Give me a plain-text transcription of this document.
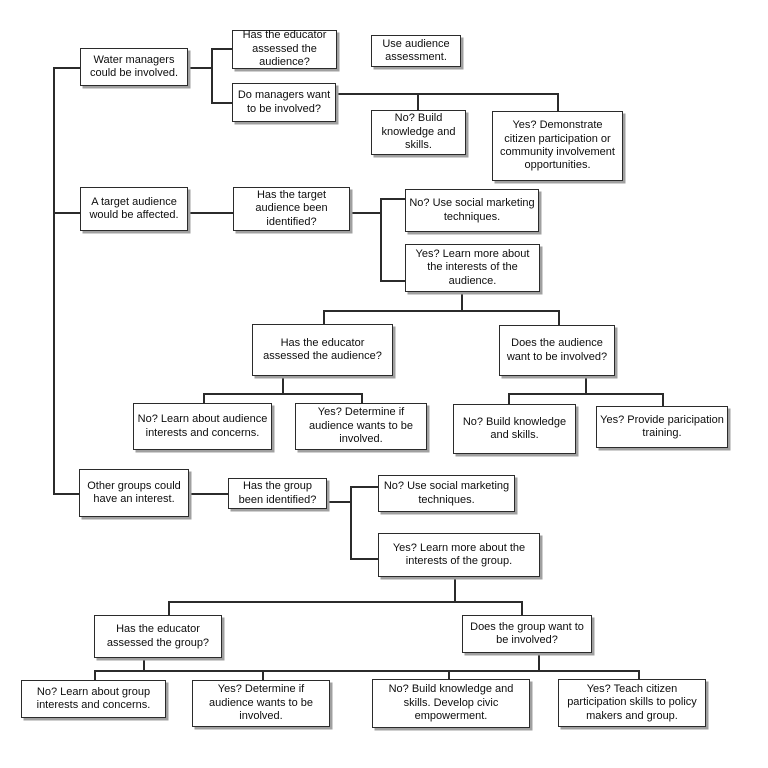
Water managers could be involved.
Has the educator assessed the audience?
Use audience assessment.
Do managers want to be involved?
No? Build knowledge and skills.
Yes? Demonstrate citizen participation or community involvement opportunities.
A target audience would be affected.
Has the target audience been identified?
No? Use social marketing techniques.
Yes? Learn more about the interests of the audience.
Has the educator assessed the audience?
Does the audience want to be involved?
No? Learn about audience interests and concerns.
Yes? Determine if audience wants to be involved.
No? Build knowledge and skills.
Yes? Provide paricipation training.
Other groups could have an interest.
Has the group been identified?
No? Use social marketing techniques.
Yes? Learn more about the interests of the group.
Has the educator assessed the group?
Does the group want to be involved?
No? Learn about group interests and concerns.
Yes? Determine if audience wants to be involved.
No? Build knowledge and skills. Develop civic empowerment.
Yes? Teach citizen participation skills to policy makers and group.
